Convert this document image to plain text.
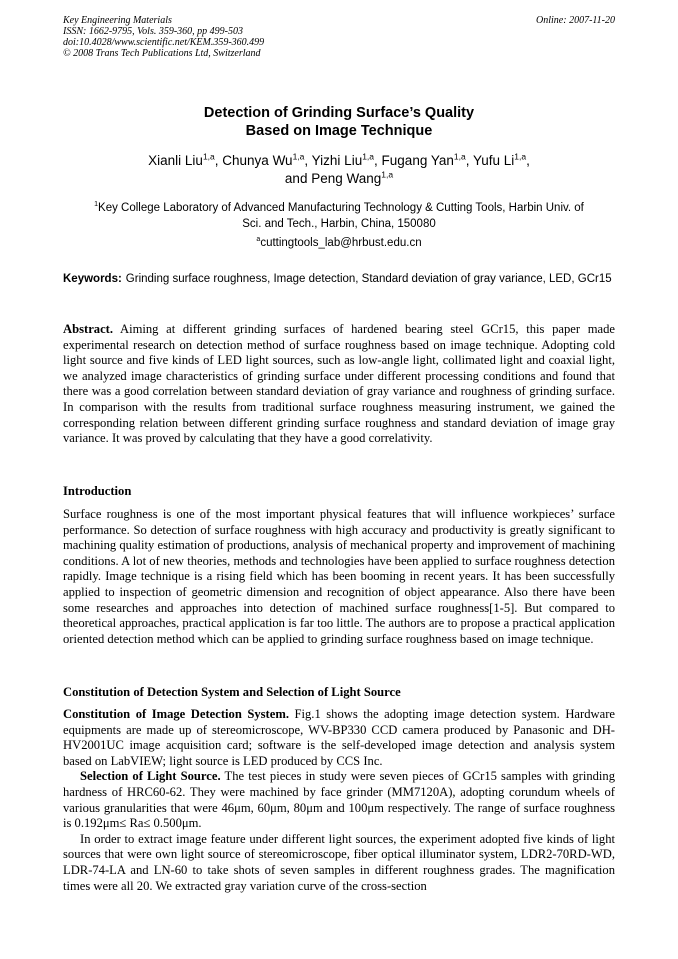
Key Engineering Materials
ISSN: 1662-9795, Vols. 359-360, pp 499-503
doi:10.4028/www.scientific.net/KEM.359-360.499
© 2008 Trans Tech Publications Ltd, Switzerland
Online: 2007-11-20
Detection of Grinding Surface’s Quality
Based on Image Technique
Xianli Liu$^{1,a}$, Chunya Wu$^{1,a}$, Yizhi Liu$^{1,a}$, Fugang Yan$^{1,a}$, Yufu Li$^{1,a}$,
and Peng Wang$^{1,a}$
$^1$Key College Laboratory of Advanced Manufacturing Technology & Cutting Tools, Harbin Univ. of
Sci. and Tech., Harbin, China, 150080
$^a$cuttingtools_lab@hrbust.edu.cn
Keywords: Grinding surface roughness, Image detection, Standard deviation of gray variance, LED, GCr15
Abstract. Aiming at different grinding surfaces of hardened bearing steel GCr15, this paper made experimental research on detection method of surface roughness based on image technique. Adopting cold light source and five kinds of LED light sources, such as low-angle light, collimated light and coaxial light, we analyzed image characteristics of grinding surface under different processing conditions and found that there was a good correlation between standard deviation of gray variance and roughness of grinding surface. In comparison with the results from traditional surface roughness measuring instrument, we gained the corresponding relation between different grinding surface roughness and standard deviation of image gray variance. It was proved by calculating that they have a good correlativity.
Introduction
Surface roughness is one of the most important physical features that will influence workpieces’ surface performance. So detection of surface roughness with high accuracy and productivity is greatly significant to machining quality estimation of productions, analysis of mechanical property and improvement of machining conditions. A lot of new theories, methods and technologies have been applied to surface roughness detection rapidly. Image technique is a rising field which has been booming in recent years. It has been successfully applied to inspection of geometric dimension and recognition of object appearance. Also there have been some researches and approaches into detection of machined surface roughness[1-5]. But compared to theoretical approaches, practical application is far too little. The authors are to propose a practical application oriented detection method which can be applied to grinding surface roughness based on image technique.
Constitution of Detection System and Selection of Light Source

Constitution of Image Detection System. Fig.1 shows the adopting image detection system. Hardware equipments are made up of stereomicroscope, WV-BP330 CCD camera produced by Panasonic and DH-HV2001UC image acquisition card; software is the self-developed image detection and analysis system based on LabVIEW; light source is LED produced by CCS Inc.

Selection of Light Source. The test pieces in study were seven pieces of GCr15 samples with grinding hardness of HRC60-62. They were machined by face grinder (MM7120A), adopting corundum wheels of various granularities that were 46μm, 60μm, 80μm and 100μm respectively. The range of surface roughness is 0.192μm≤ Ra≤ 0.500μm.

In order to extract image feature under different light sources, the experiment adopted five kinds of light sources that were own light source of stereomicroscope, fiber optical illuminator system, LDR2-70RD-WD, LDR-74-LA and LN-60 to take shots of seven samples in different roughness grades. The magnification times were all 20. We extracted gray variation curve of the cross-section
